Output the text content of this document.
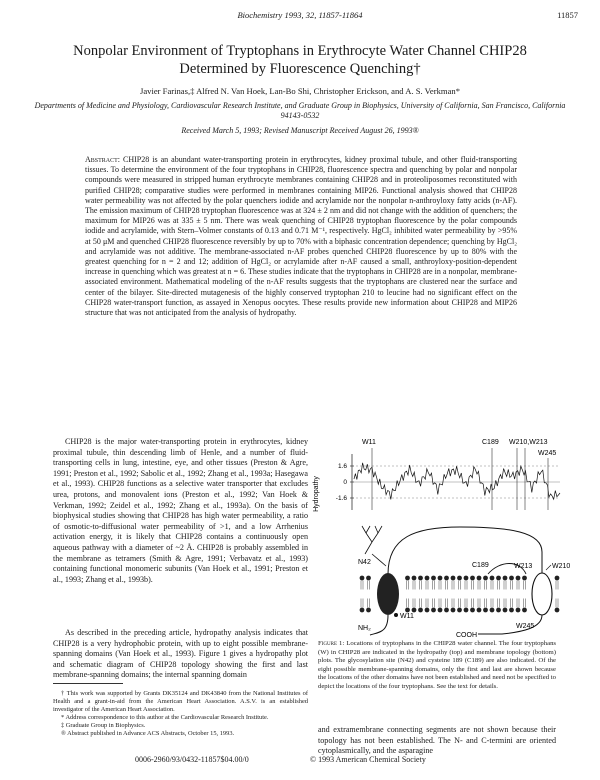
Biochemistry 1993, 32, 11857-11864	11857
Nonpolar Environment of Tryptophans in Erythrocyte Water Channel CHIP28 Determined by Fluorescence Quenching†
Javier Farinas,‡ Alfred N. Van Hoek, Lan-Bo Shi, Christopher Erickson, and A. S. Verkman*
Departments of Medicine and Physiology, Cardiovascular Research Institute, and Graduate Group in Biophysics, University of California, San Francisco, California 94143-0532
Received March 5, 1993; Revised Manuscript Received August 26, 1993®
Abstract: CHIP28 is an abundant water-transporting protein in erythrocytes, kidney proximal tubule, and other fluid-transporting tissues. To determine the environment of the four tryptophans in CHIP28, fluorescence spectra and quenching by polar and nonpolar compounds were measured in stripped human erythrocyte membranes containing CHIP28 and in proteoliposomes reconstituted with purified CHIP28; comparative studies were performed in membranes containing MIP26. Functional analysis showed that CHIP28 water permeability was not affected by the polar quenchers iodide and acrylamide nor the nonpolar n-anthroyloxy fatty acids (n-AF). The emission maximum of CHIP28 tryptophan fluorescence was at 324 ± 2 nm and did not change with the addition of quenchers; the maximum for MIP26 was at 335 ± 5 nm. There was weak quenching of CHIP28 tryptophan fluorescence by the polar compounds iodide and acrylamide, with Stern–Volmer constants of 0.13 and 0.71 M⁻¹, respectively. HgCl₂ inhibited water permeability by >95% at 50 μM and quenched CHIP28 fluorescence reversibly by up to 70% with a biphasic concentration dependence; quenching by HgCl₂ and acrylamide was not additive. The membrane-associated n-AF probes quenched CHIP28 fluorescence by up to 80% with the greatest quenching for n = 2 and 12; addition of HgCl₂ or acrylamide after n-AF caused a small, anthroyloxy-position-dependent increase in quenching which was greatest at n = 6. These studies indicate that the tryptophans in CHIP28 are in a nonpolar, membrane-associated environment. Mathematical modeling of the n-AF results suggests that the tryptophans are clustered near the surface and center of the bilayer. Site-directed mutagenesis of the highly conserved tryptophan 210 to leucine had no significant effect on the CHIP28 water-transport function, as assayed in Xenopus oocytes. These results provide new information about CHIP28 and MIP26 structure that was not anticipated from the analysis of hydropathy.
CHIP28 is the major water-transporting protein in erythrocytes, kidney proximal tubule, thin descending limb of Henle, and a number of fluid-transporting cells in lung, intestine, eye, and other tissues (Preston & Agre, 1991; Preston et al., 1992; Sabolic et al., 1992; Zhang et al., 1993a; Hasegawa et al., 1993). CHIP28 functions as a selective water transporter that excludes urea, protons, and monovalent ions (Preston et al., 1992; Van Hoek & Verkman, 1992; Zeidel et al., 1992; Zhang et al., 1993a). On the basis of biophysical studies showing that CHIP28 has high water permeability, a ratio of osmotic-to-diffusional water permeability of >1, and a low Arrhenius activation energy, it is likely that CHIP28 contains a continuously open aqueous pathway with a diameter of ~2 Å. CHIP28 is probably assembled in the membrane as tetramers (Smith & Agre, 1991; Verbavatz et al., 1993) containing functional monomeric subunits (Van Hoek et al., 1991; Preston et al., 1993; Zhang et al., 1993b).
As described in the preceding article, hydropathy analysis indicates that CHIP28 is a very hydrophobic protein, with up to eight possible membrane-spanning domains (Van Hoek et al., 1993). Figure 1 gives a hydropathy plot and schematic diagram of CHIP28 topology showing the first and last membrane-spanning domains; the internal spanning domain

† This work was supported by Grants DK35124 and DK43840 from the National Institutes of Health and a grant-in-aid from the American Heart Association. A.S.V. is an established investigator of the American Heart Association.

* Address correspondence to this author at the Cardiovascular Research Institute.

‡ Graduate Group in Biophysics.

® Abstract published in Advance ACS Abstracts, October 15, 1993.

Hydropathy
1.6
0
-1.6
W11	C189 W210,W213
W245
N42	C189	W213	W210
NH₂
W11
W245
COOH
Figure 1: Locations of tryptophans in the CHIP28 water channel. The four tryptophans (W) in CHIP28 are indicated in the hydropathy (top) and membrane topology (bottom) plots. The glycosylation site (N42) and cysteine 189 (C189) are also indicated. Of the eight possible membrane-spanning domains, only the first and last are shown because the locations of the other domains have not been established and need not be specified to depict the locations of the four tryptophans. See the text for details.
and extramembrane connecting segments are not shown because their topology has not been established. The N- and C-termini are oriented cytoplasmically, and the asparagine
0006-2960/93/0432-11857$04.00/0	© 1993 American Chemical Society
